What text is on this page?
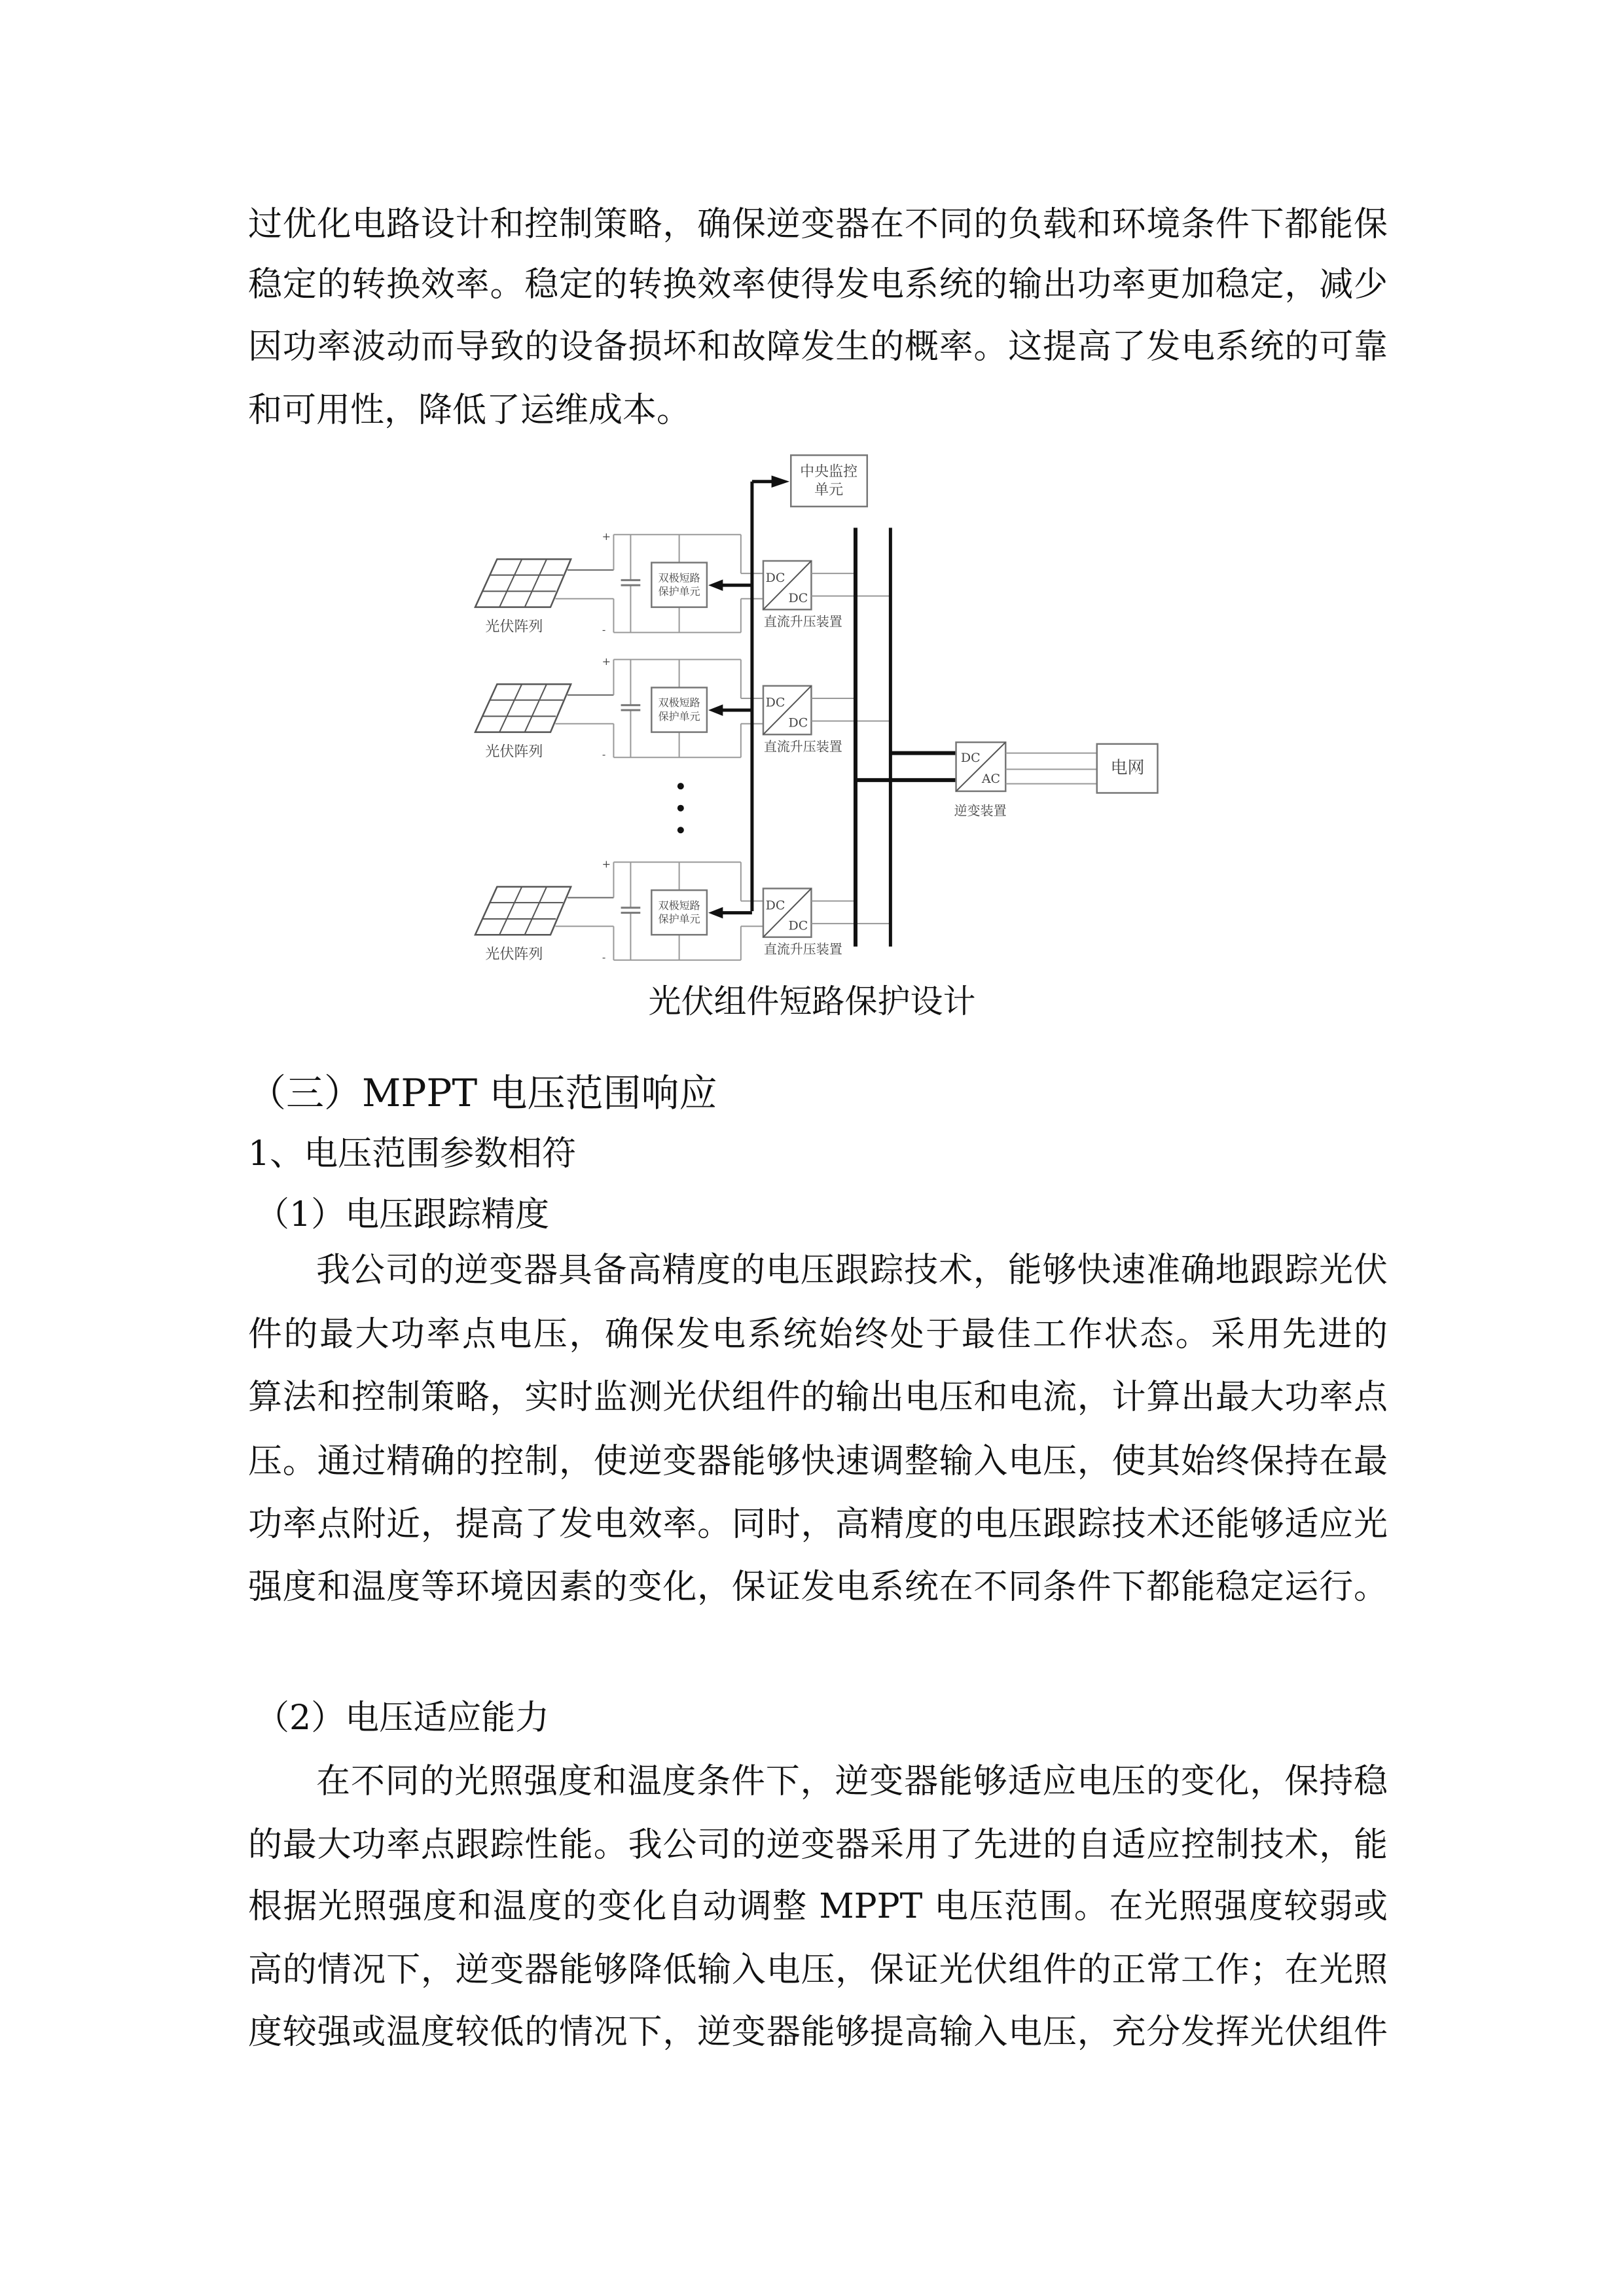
过优化电路设计和控制策略，确保逆变器在不同的负载和环境条件下都能保
稳定的转换效率。稳定的转换效率使得发电系统的输出功率更加稳定，减少
因功率波动而导致的设备损坏和故障发生的概率。这提高了发电系统的可靠
和可用性，降低了运维成本。
光伏阵列
+
-
双极短路
保护单元
DC
DC
直流升压装置
光伏阵列
+
-
双极短路
保护单元
DC
DC
直流升压装置
光伏阵列
+
-
双极短路
保护单元
DC
DC
直流升压装置
中央监控
单元
DC
AC
逆变装置
电网
光伏组件短路保护设计
（三）MPPT 电压范围响应
1、电压范围参数相符
（1）电压跟踪精度
我公司的逆变器具备高精度的电压跟踪技术，能够快速准确地跟踪光伏
件的最大功率点电压，确保发电系统始终处于最佳工作状态。采用先进的
算法和控制策略，实时监测光伏组件的输出电压和电流，计算出最大功率点
压。通过精确的控制，使逆变器能够快速调整输入电压，使其始终保持在最
功率点附近，提高了发电效率。同时，高精度的电压跟踪技术还能够适应光
强度和温度等环境因素的变化，保证发电系统在不同条件下都能稳定运行。
（2）电压适应能力
在不同的光照强度和温度条件下，逆变器能够适应电压的变化，保持稳
的最大功率点跟踪性能。我公司的逆变器采用了先进的自适应控制技术，能
根据光照强度和温度的变化自动调整 MPPT 电压范围。在光照强度较弱或
高的情况下，逆变器能够降低输入电压，保证光伏组件的正常工作；在光照
度较强或温度较低的情况下，逆变器能够提高输入电压，充分发挥光伏组件
